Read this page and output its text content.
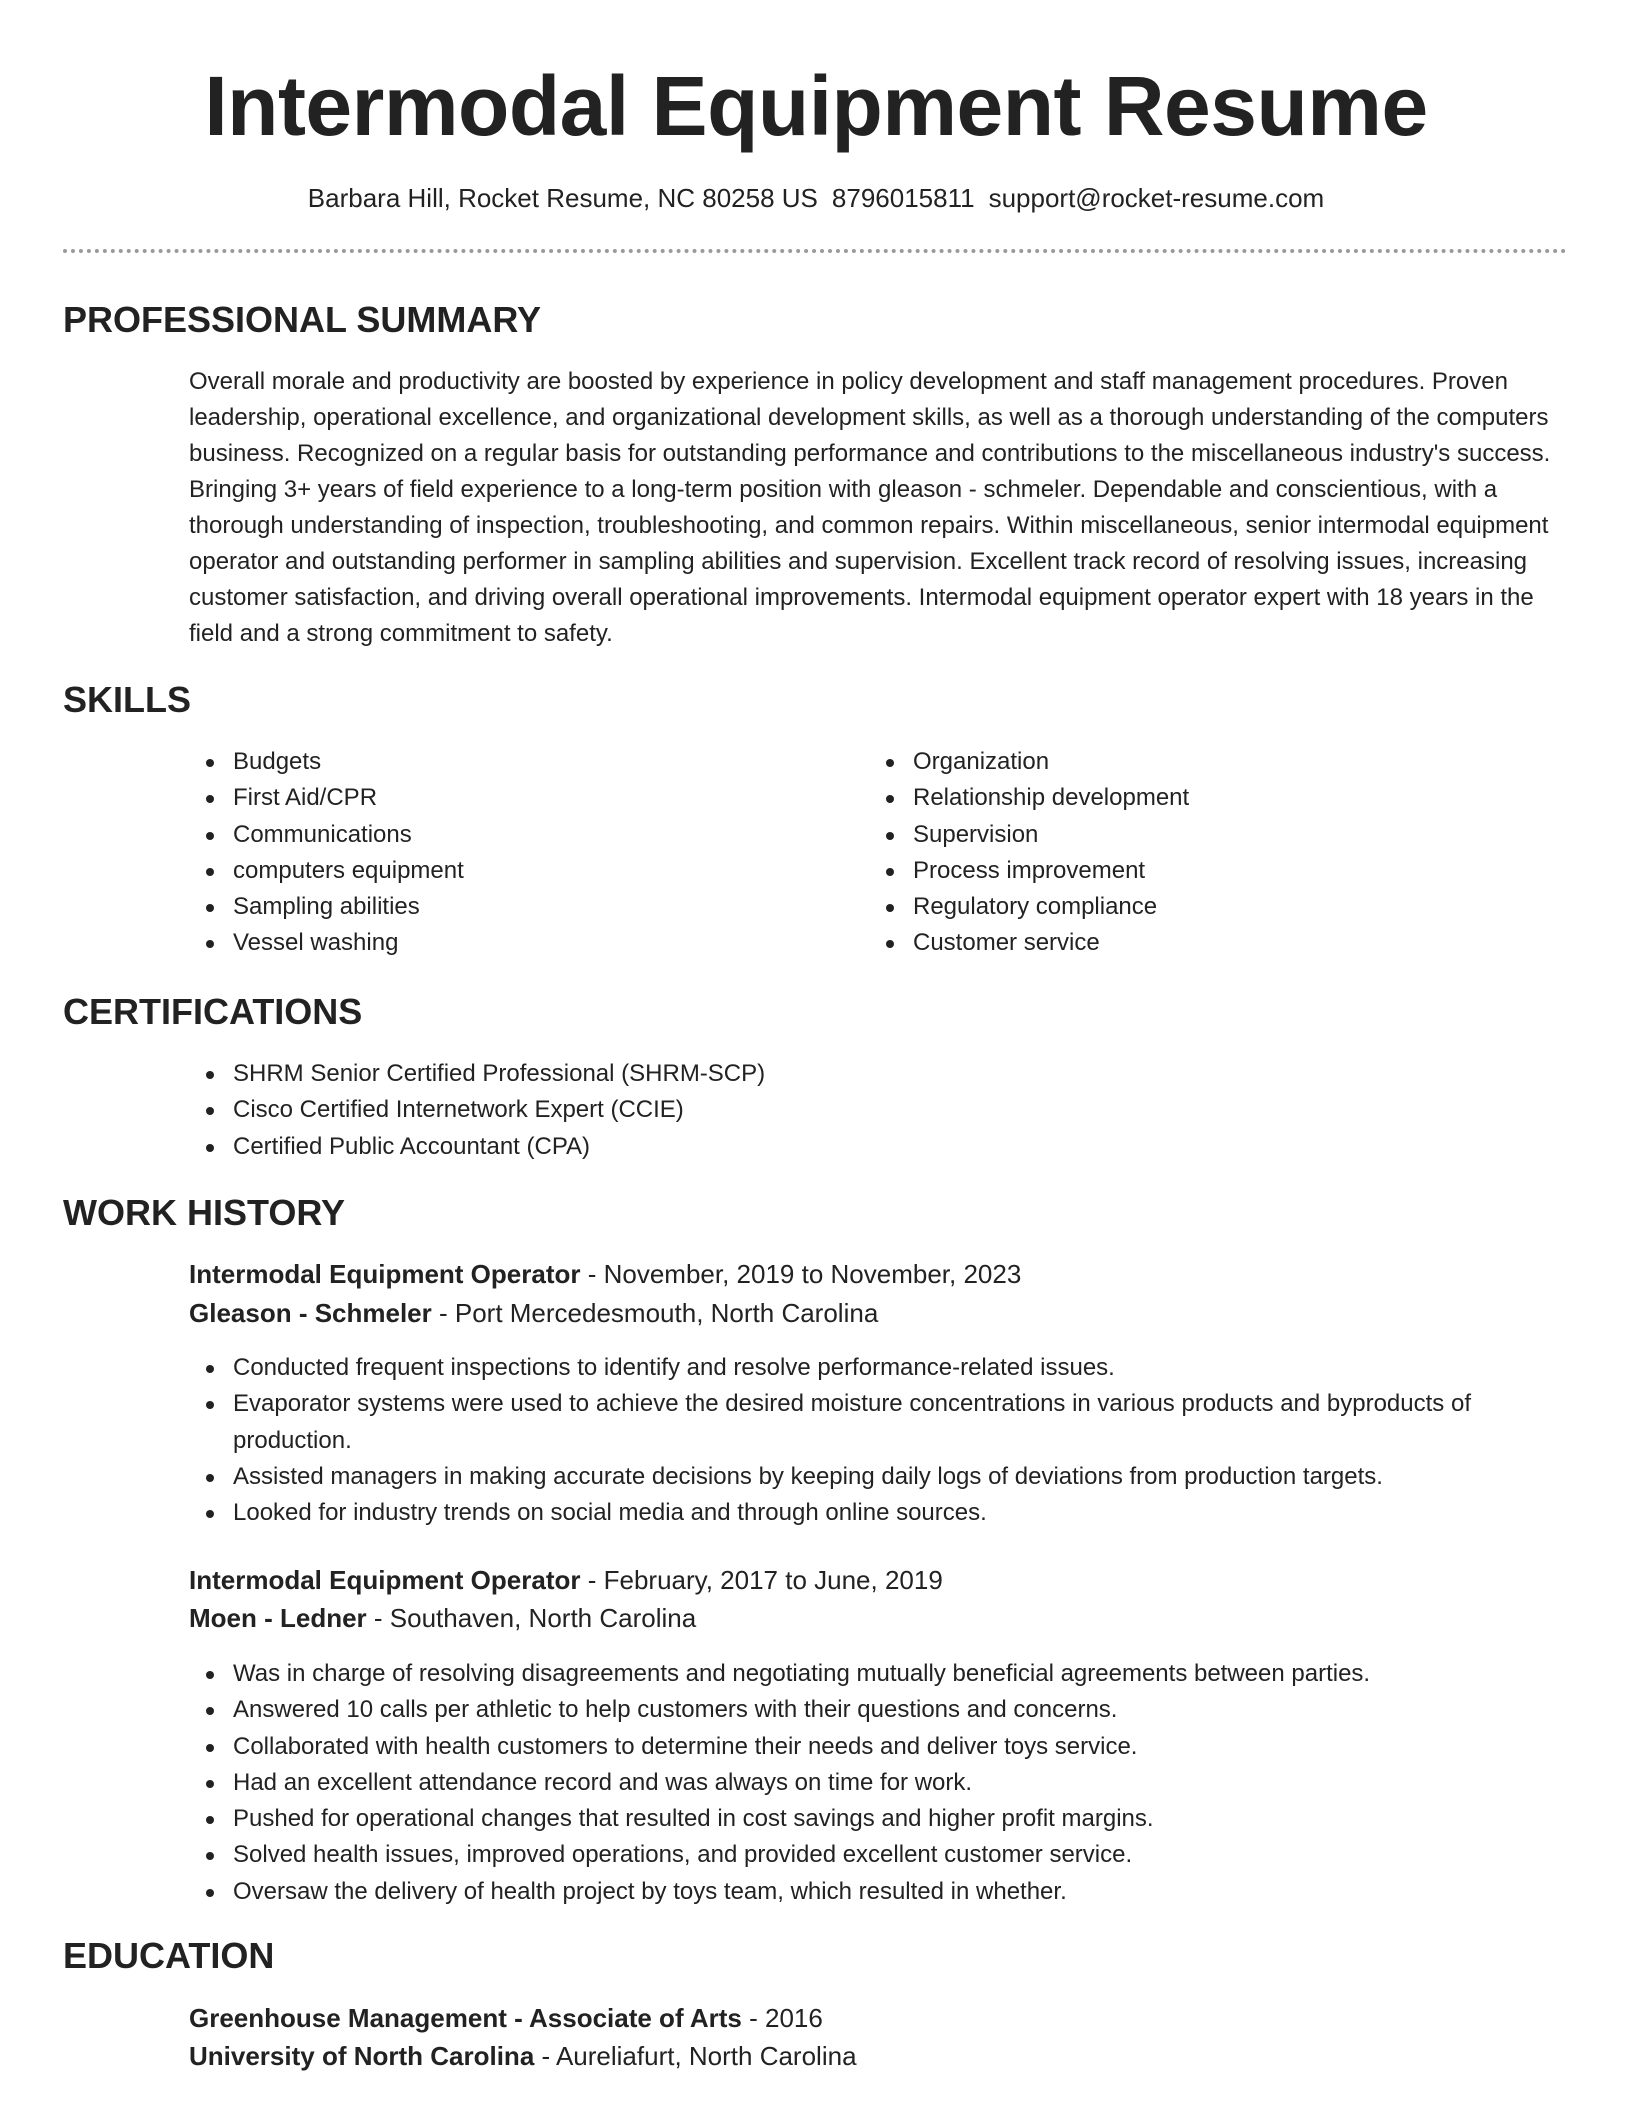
Intermodal Equipment Resume
Barbara Hill, Rocket Resume, NC 80258 US 8796015811 support@rocket-resume.com
PROFESSIONAL SUMMARY

Overall morale and productivity are boosted by experience in policy development and staff management procedures. Proven leadership, operational excellence, and organizational development skills, as well as a thorough understanding of the computers business. Recognized on a regular basis for outstanding performance and contributions to the miscellaneous industry's success. Bringing 3+ years of field experience to a long-term position with gleason - schmeler. Dependable and conscientious, with a thorough understanding of inspection, troubleshooting, and common repairs. Within miscellaneous, senior intermodal equipment operator and outstanding performer in sampling abilities and supervision. Excellent track record of resolving issues, increasing customer satisfaction, and driving overall operational improvements. Intermodal equipment operator expert with 18 years in the field and a strong commitment to safety.

SKILLS
Budgets
First Aid/CPR
Communications
computers equipment
Sampling abilities
Vessel washing
Organization
Relationship development
Supervision
Process improvement
Regulatory compliance
Customer service
CERTIFICATIONS
SHRM Senior Certified Professional (SHRM-SCP)
Cisco Certified Internetwork Expert (CCIE)
Certified Public Accountant (CPA)
WORK HISTORY
Intermodal Equipment Operator - November, 2019 to November, 2023
Gleason - Schmeler - Port Mercedesmouth, North Carolina
Conducted frequent inspections to identify and resolve performance-related issues.
Evaporator systems were used to achieve the desired moisture concentrations in various products and byproducts of production.
Assisted managers in making accurate decisions by keeping daily logs of deviations from production targets.
Looked for industry trends on social media and through online sources.
Intermodal Equipment Operator - February, 2017 to June, 2019
Moen - Ledner - Southaven, North Carolina
Was in charge of resolving disagreements and negotiating mutually beneficial agreements between parties.
Answered 10 calls per athletic to help customers with their questions and concerns.
Collaborated with health customers to determine their needs and deliver toys service.
Had an excellent attendance record and was always on time for work.
Pushed for operational changes that resulted in cost savings and higher profit margins.
Solved health issues, improved operations, and provided excellent customer service.
Oversaw the delivery of health project by toys team, which resulted in whether.
EDUCATION
Greenhouse Management - Associate of Arts - 2016
University of North Carolina - Aureliafurt, North Carolina
